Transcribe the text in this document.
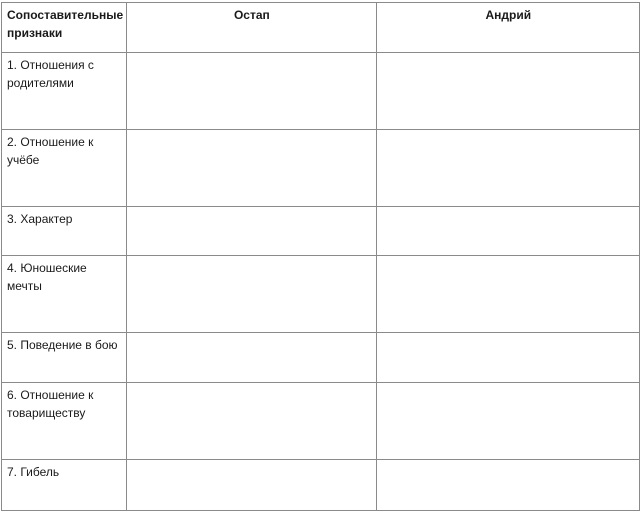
Сопоставительные признаки	Остап	Андрий

1. Отношения с родителями		

2. Отношение к учёбе		

3. Характер		

4. Юношеские мечты		

5. Поведение в бою		

6. Отношение к товариществу		

7. Гибель		
